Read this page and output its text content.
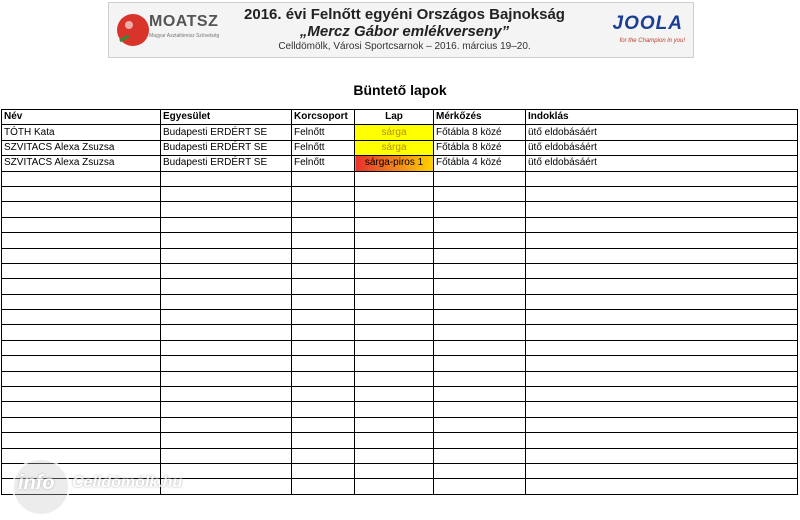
MOATSZ
Magyar Asztalitenisz Szövetség
2016. évi Felnőtt egyéni Országos Bajnokság
„Mercz Gábor emlékverseny”
Celldömölk, Városi Sportcsarnok – 2016. március 19–20.
JOOLA
for the Champion in you!
Büntető lapok
Név	Egyesület	Korcsoport	Lap	Mérkőzés	Indoklás
TÓTH Kata	Budapesti ERDÉRT SE	Felnőtt	sárga	Főtábla 8 közé	ütő eldobásáért
SZVITACS Alexa Zsuzsa	Budapesti ERDÉRT SE	Felnőtt	sárga	Főtábla 8 közé	ütő eldobásáért
SZVITACS Alexa Zsuzsa	Budapesti ERDÉRT SE	Felnőtt	sárga-piros 1	Főtábla 4 közé	ütő eldobásáért

info Celldömölk.hu
